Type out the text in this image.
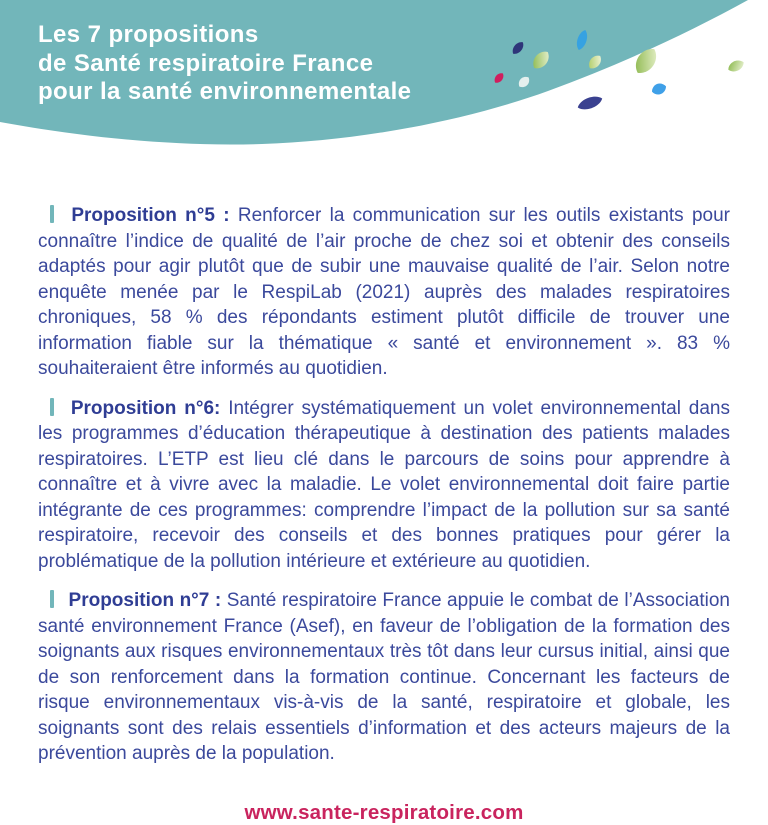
Les 7 propositions
de Santé respiratoire France
pour la santé environnementale

Proposition n°5 : Renforcer la communication sur les outils existants pour connaître l’indice de qualité de l’air proche de chez soi et obtenir des conseils adaptés pour agir plutôt que de subir une mauvaise qualité de l’air. Selon notre enquête menée par le RespiLab (2021) auprès des malades respiratoires chroniques, 58 % des répondants estiment plutôt difficile de trouver une information fiable sur la thématique « santé et environnement ». 83 % souhaiteraient être informés au quotidien.

Proposition n°6: Intégrer systématiquement un volet environnemental dans les programmes d’éducation thérapeutique à destination des patients malades respiratoires. L’ETP est lieu clé dans le parcours de soins pour apprendre à connaître et à vivre avec la maladie. Le volet environnemental doit faire partie intégrante de ces programmes: comprendre l’impact de la pollution sur sa santé respiratoire, recevoir des conseils et des bonnes pratiques pour gérer la problématique de la pollution intérieure et extérieure au quotidien.

Proposition n°7 : Santé respiratoire France appuie le combat de l’Association santé environnement France (Asef), en faveur de l’obligation de la formation des soignants aux risques environnementaux très tôt dans leur cursus initial, ainsi que de son renforcement dans la formation continue. Concernant les facteurs de risque environnementaux vis-à-vis de la santé, respiratoire et globale, les soignants sont des relais essentiels d’information et des acteurs majeurs de la prévention auprès de la population.

www.sante-respiratoire.com
